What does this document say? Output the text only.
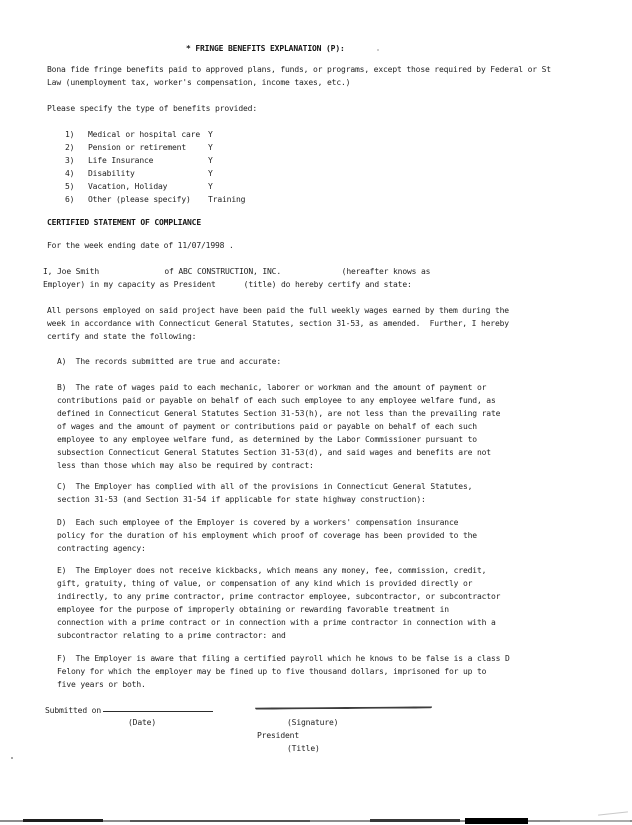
* FRINGE BENEFITS EXPLANATION (P):
Bona fide fringe benefits paid to approved plans, funds, or programs, except those required by Federal or St
Law (unemployment tax, worker's compensation, income taxes, etc.)
Please specify the type of benefits provided:
1)	Medical or hospital care	Y
2)	Pension or retirement	Y
3)	Life Insurance	Y
4)	Disability	Y
5)	Vacation, Holiday	Y
6)	Other (please specify)	Training
CERTIFIED STATEMENT OF COMPLIANCE
For the week ending date of 11/07/1998 .
I, Joe Smith              of ABC CONSTRUCTION, INC.             (hereafter knows as
Employer) in my capacity as President      (title) do hereby certify and state:
All persons employed on said project have been paid the full weekly wages earned by them during the
week in accordance with Connecticut General Statutes, section 31-53, as amended.  Further, I hereby
certify and state the following:
A)  The records submitted are true and accurate:
B)  The rate of wages paid to each mechanic, laborer or workman and the amount of payment or
contributions paid or payable on behalf of each such employee to any employee welfare fund, as
defined in Connecticut General Statutes Section 31-53(h), are not less than the prevailing rate
of wages and the amount of payment or contributions paid or payable on behalf of each such
employee to any employee welfare fund, as determined by the Labor Commissioner pursuant to
subsection Connecticut General Statutes Section 31-53(d), and said wages and benefits are not
less than those which may also be required by contract:
C)  The Employer has complied with all of the provisions in Connecticut General Statutes,
section 31-53 (and Section 31-54 if applicable for state highway construction):
D)  Each such employee of the Employer is covered by a workers' compensation insurance
policy for the duration of his employment which proof of coverage has been provided to the
contracting agency:
E)  The Employer does not receive kickbacks, which means any money, fee, commission, credit,
gift, gratuity, thing of value, or compensation of any kind which is provided directly or
indirectly, to any prime contractor, prime contractor employee, subcontractor, or subcontractor
employee for the purpose of improperly obtaining or rewarding favorable treatment in
connection with a prime contract or in connection with a prime contractor in connection with a
subcontractor relating to a prime contractor: and
F)  The Employer is aware that filing a certified payroll which he knows to be false is a class D
Felony for which the employer may be fined up to five thousand dollars, imprisoned for up to
five years or both.
Submitted on
(Date)	(Signature)
President
(Title)
